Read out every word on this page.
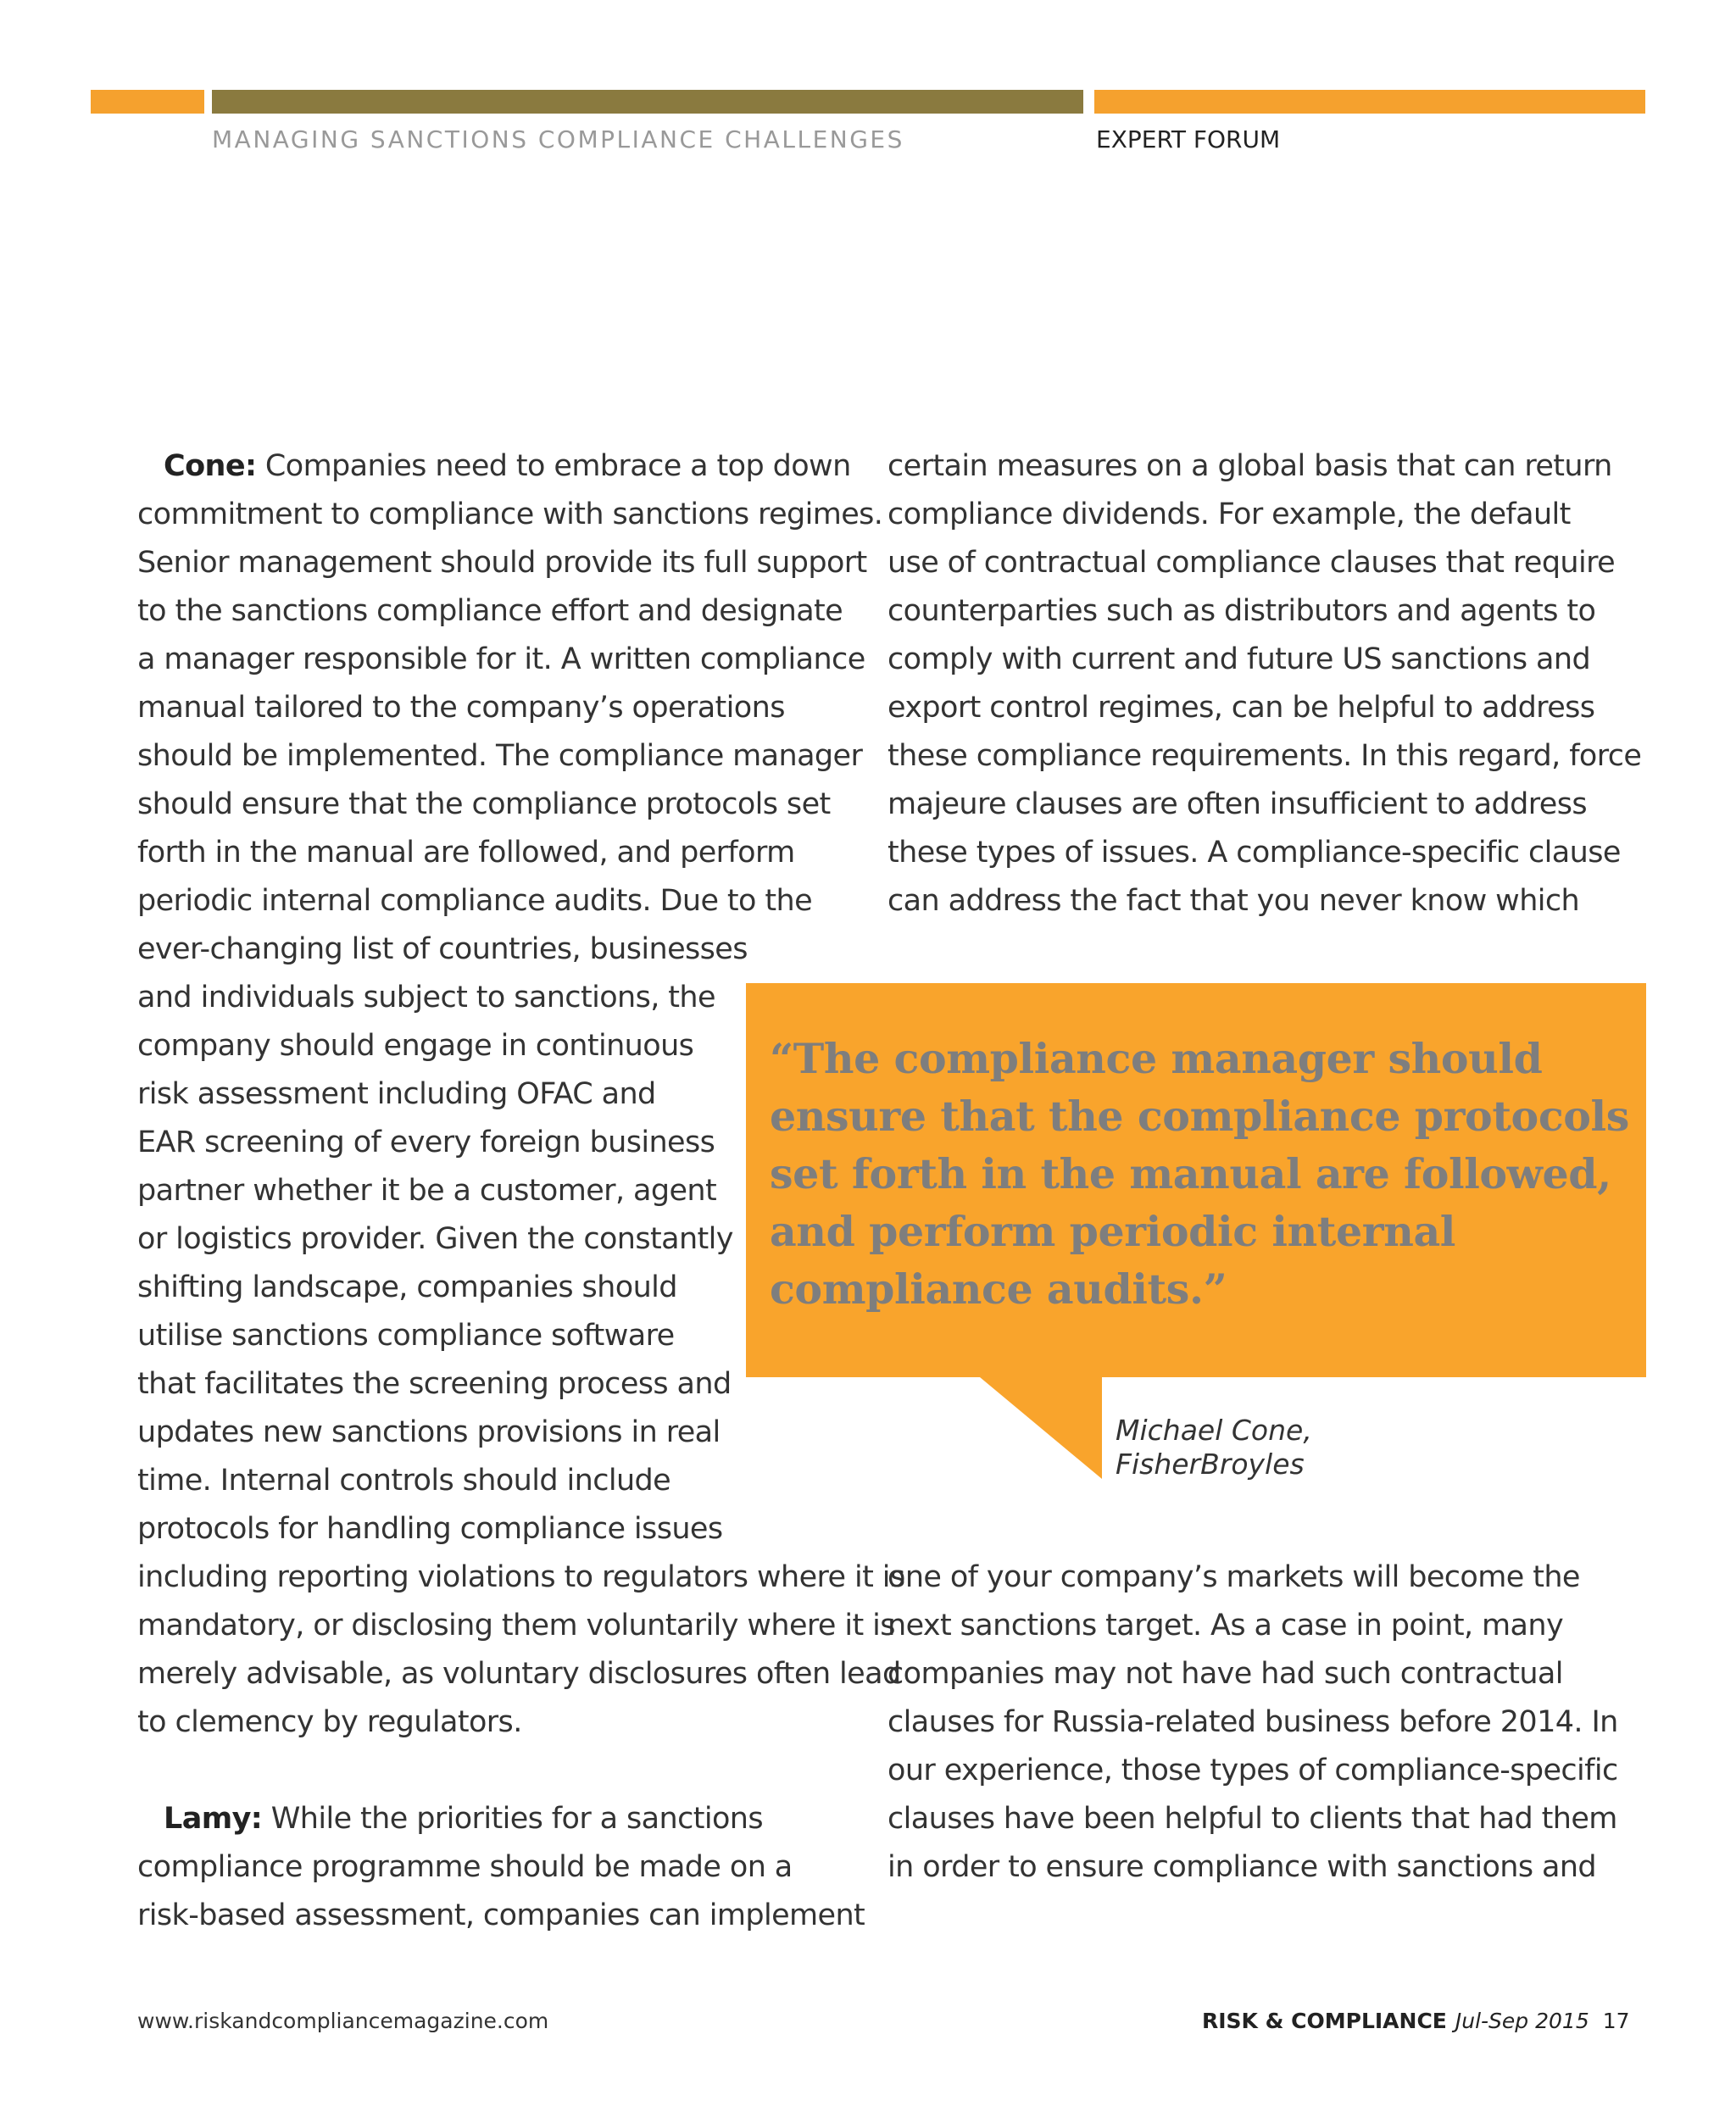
MANAGING SANCTIONS COMPLIANCE CHALLENGES	EXPERT FORUM
Cone: Companies need to embrace a top down
commitment to compliance with sanctions regimes.
Senior management should provide its full support
to the sanctions compliance effort and designate
a manager responsible for it. A written compliance
manual tailored to the company’s operations
should be implemented. The compliance manager
should ensure that the compliance protocols set
forth in the manual are followed, and perform
periodic internal compliance audits. Due to the
ever-changing list of countries, businesses
and individuals subject to sanctions, the
company should engage in continuous
risk assessment including OFAC and
EAR screening of every foreign business
partner whether it be a customer, agent
or logistics provider. Given the constantly
shifting landscape, companies should
utilise sanctions compliance software
that facilitates the screening process and
updates new sanctions provisions in real
time. Internal controls should include
protocols for handling compliance issues
including reporting violations to regulators where it is
mandatory, or disclosing them voluntarily where it is
merely advisable, as voluntary disclosures often lead
to clemency by regulators.
Lamy: While the priorities for a sanctions
compliance programme should be made on a
risk-based assessment, companies can implement
certain measures on a global basis that can return
compliance dividends. For example, the default
use of contractual compliance clauses that require
counterparties such as distributors and agents to
comply with current and future US sanctions and
export control regimes, can be helpful to address
these compliance requirements. In this regard, force
majeure clauses are often insufficient to address
these types of issues. A compliance-specific clause
can address the fact that you never know which
one of your company’s markets will become the
next sanctions target. As a case in point, many
companies may not have had such contractual
clauses for Russia-related business before 2014. In
our experience, those types of compliance-specific
clauses have been helpful to clients that had them
in order to ensure compliance with sanctions and
“The compliance manager should ensure that the compliance protocols set forth in the manual are followed, and perform periodic internal compliance audits.”
Michael Cone,
FisherBroyles
www.riskandcompliancemagazine.com	RISK & COMPLIANCE Jul-Sep 2015 17
